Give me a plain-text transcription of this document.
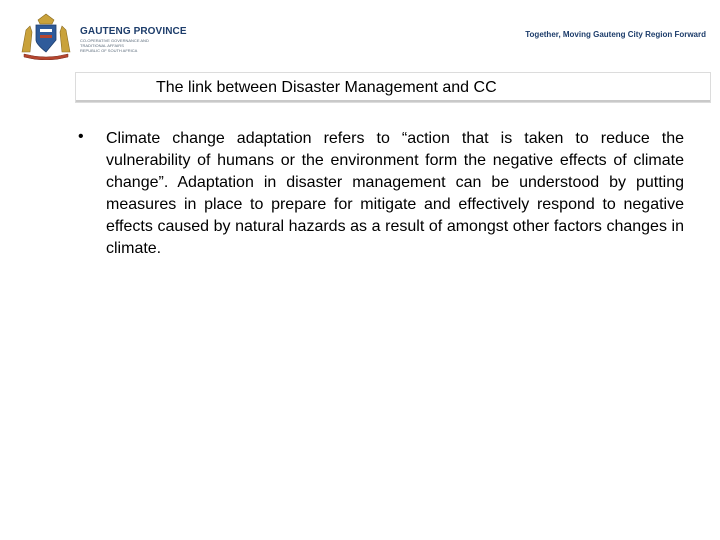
GAUTENG PROVINCE
CO-OPERATIVE GOVERNANCE AND
TRADITIONAL AFFAIRS
REPUBLIC OF SOUTH AFRICA
Together, Moving Gauteng City Region Forward
The link between Disaster Management and CC
• Climate change adaptation refers to “action that is taken to reduce the vulnerability of humans or the environment form the negative effects of climate change”. Adaptation in disaster management can be understood by putting measures in place to prepare for mitigate and effectively respond to negative effects caused by natural hazards as a result of amongst other factors changes in climate.
